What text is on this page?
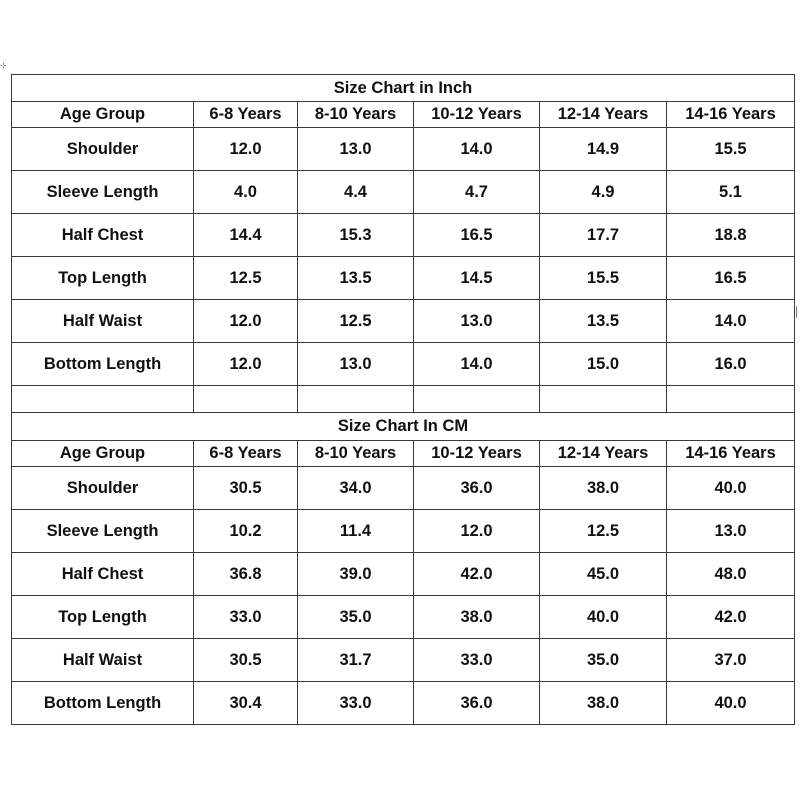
⊹
Size Chart in Inch					
Age Group	6-8 Years	8-10 Years	10-12 Years	12-14 Years	14-16 Years
Shoulder	12.0	13.0	14.0	14.9	15.5
Sleeve Length	4.0	4.4	4.7	4.9	5.1
Half Chest	14.4	15.3	16.5	17.7	18.8
Top Length	12.5	13.5	14.5	15.5	16.5
Half Waist	12.0	12.5	13.0	13.5	14.0
Bottom Length	12.0	13.0	14.0	15.0	16.0

Size Chart In CM					
Age Group	6-8 Years	8-10 Years	10-12 Years	12-14 Years	14-16 Years
Shoulder	30.5	34.0	36.0	38.0	40.0
Sleeve Length	10.2	11.4	12.0	12.5	13.0
Half Chest	36.8	39.0	42.0	45.0	48.0
Top Length	33.0	35.0	38.0	40.0	42.0
Half Waist	30.5	31.7	33.0	35.0	37.0
Bottom Length	30.4	33.0	36.0	38.0	40.0
